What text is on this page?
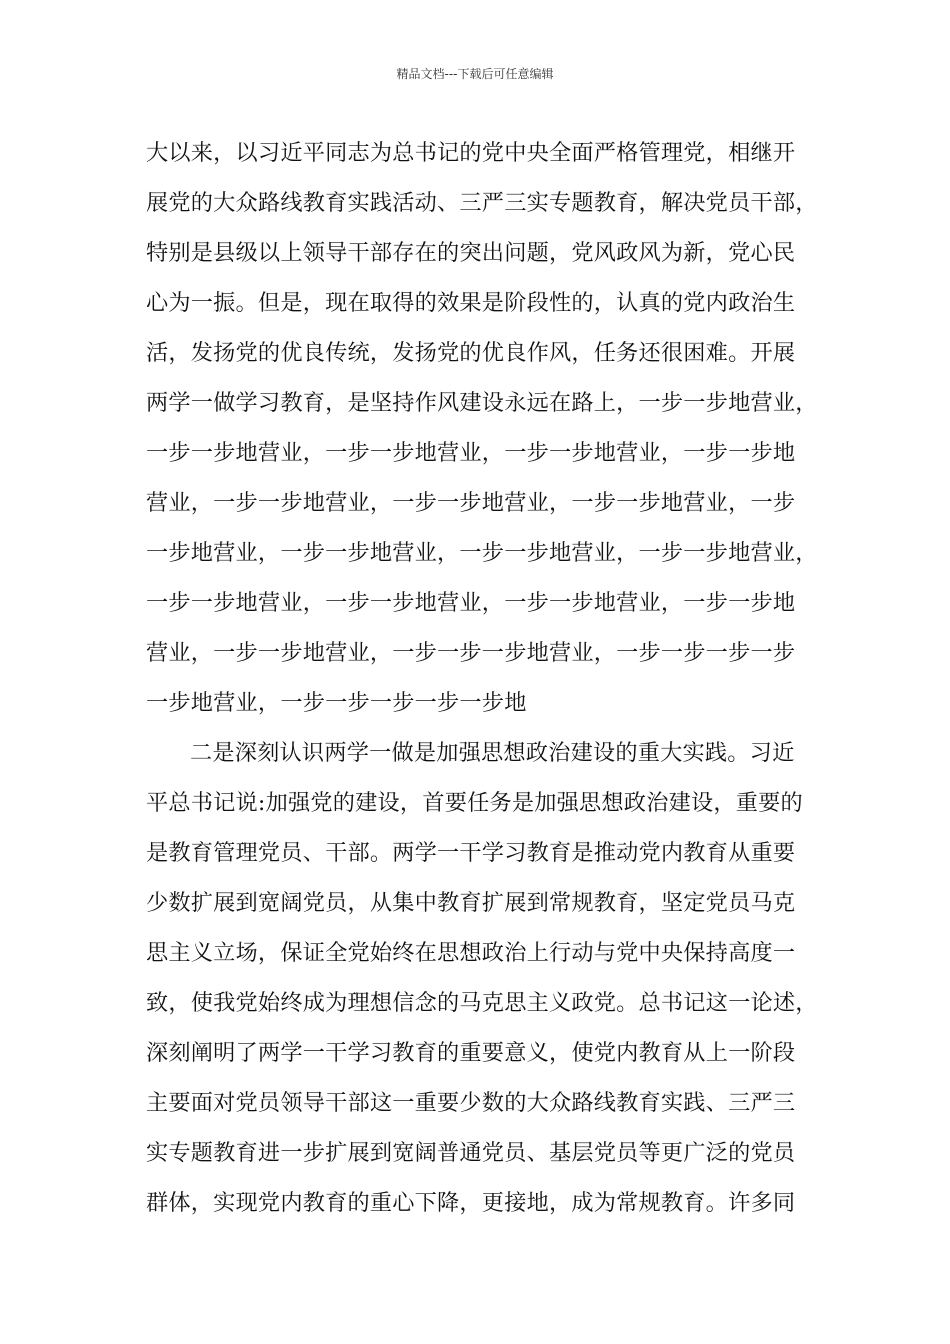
精品文档---下载后可任意编辑
大以来，以习近平同志为总书记的党中央全面严格管理党，相继开
展党的大众路线教育实践活动、三严三实专题教育，解决党员干部，
特别是县级以上领导干部存在的突出问题，党风政风为新，党心民
心为一振。但是，现在取得的效果是阶段性的，认真的党内政治生
活，发扬党的优良传统，发扬党的优良作风，任务还很困难。开展
两学一做学习教育，是坚持作风建设永远在路上，一步一步地营业，
一步一步地营业，一步一步地营业，一步一步地营业，一步一步地
营业，一步一步地营业，一步一步地营业，一步一步地营业，一步
一步地营业，一步一步地营业，一步一步地营业，一步一步地营业，
一步一步地营业，一步一步地营业，一步一步地营业，一步一步地
营业，一步一步地营业，一步一步一步地营业，一步一步一步一步
一步地营业，一步一步一步一步一步地
二是深刻认识两学一做是加强思想政治建设的重大实践。习近
平总书记说:加强党的建设，首要任务是加强思想政治建设，重要的
是教育管理党员、干部。两学一干学习教育是推动党内教育从重要
少数扩展到宽阔党员，从集中教育扩展到常规教育，坚定党员马克
思主义立场，保证全党始终在思想政治上行动与党中央保持高度一
致，使我党始终成为理想信念的马克思主义政党。总书记这一论述，
深刻阐明了两学一干学习教育的重要意义，使党内教育从上一阶段
主要面对党员领导干部这一重要少数的大众路线教育实践、三严三
实专题教育进一步扩展到宽阔普通党员、基层党员等更广泛的党员
群体，实现党内教育的重心下降，更接地，成为常规教育。许多同
